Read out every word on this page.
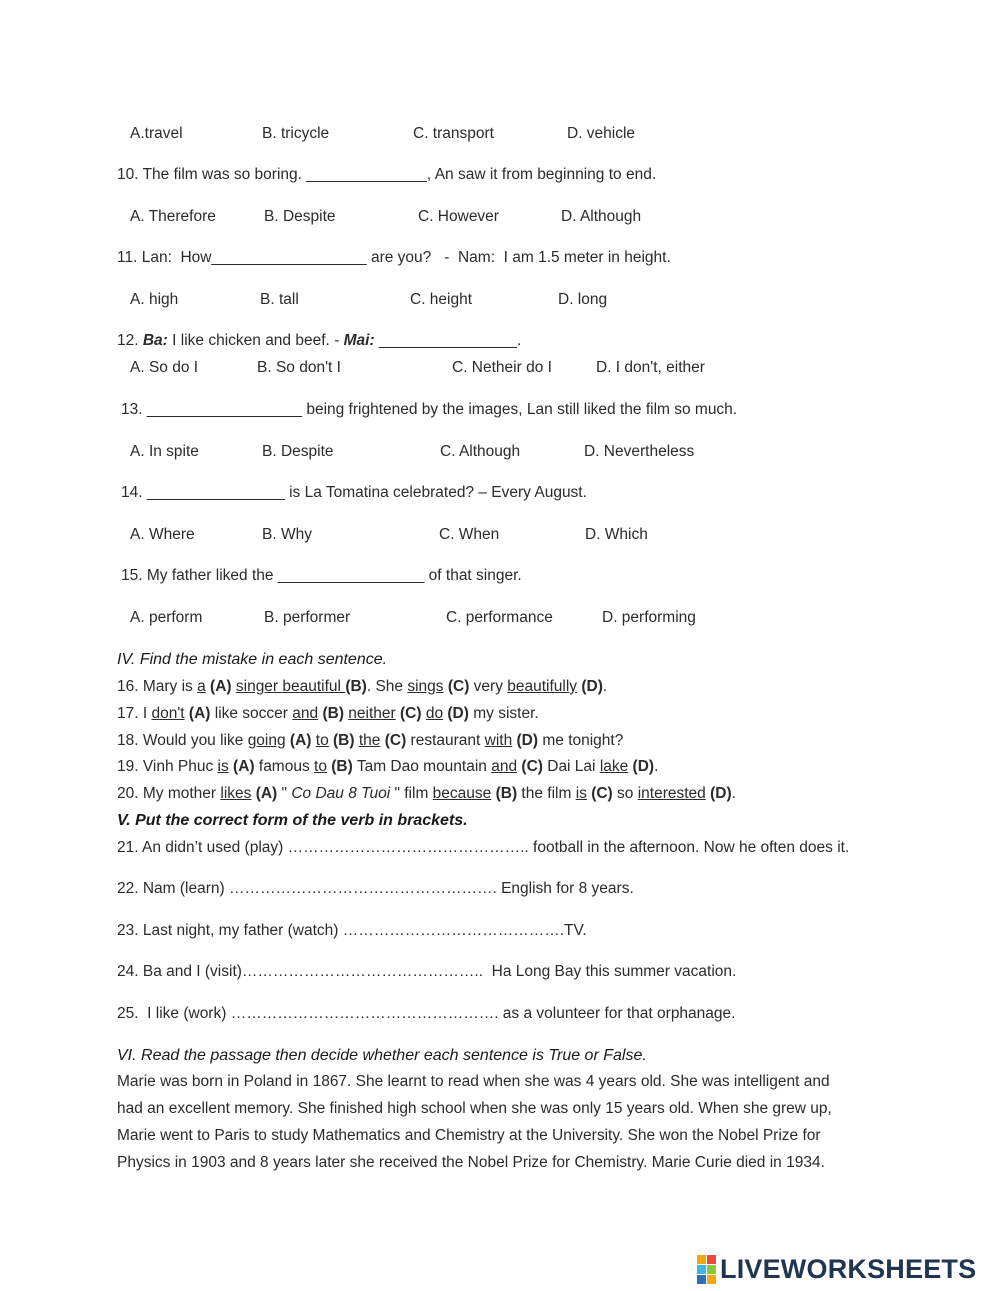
A.travel	B. tricycle	C. transport	D. vehicle
10. The film was so boring. ______________, An saw it from beginning to end.
A. Therefore	B. Despite	C. However	D. Although
11. Lan:  How__________________ are you?   -  Nam:  I am 1.5 meter in height.
A. high	B. tall	C. height	D. long
12. Ba: I like chicken and beef. - Mai: ________________.
A. So do I	B. So don't I	C. Netheir do I	D. I don't, either
13. __________________ being frightened by the images, Lan still liked the film so much.
A. In spite	B. Despite	C. Although	D. Nevertheless
14. ________________ is La Tomatina celebrated? – Every August.
A. Where	B. Why	C. When	D. Which
15. My father liked the _________________ of that singer.
A. perform	B. performer	C. performance	D. performing
IV. Find the mistake in each sentence.
16. Mary is a (A) singer beautiful (B). She sings (C) very beautifully (D).
17. I don't (A) like soccer and (B) neither (C) do (D) my sister.
18. Would you like going (A) to (B) the (C) restaurant with (D) me tonight?
19. Vinh Phuc is (A) famous to (B) Tam Dao mountain and (C) Dai Lai lake (D).
20. My mother likes (A) " Co Dau 8 Tuoi " film because (B) the film is (C) so interested (D).
V. Put the correct form of the verb in brackets.
21. An didn’t used (play) ……………………………………….. football in the afternoon. Now he often does it.
22. Nam (learn) ……………………………………………. English for 8 years.
23. Last night, my father (watch) …………………………………….TV.
24. Ba and I (visit)………………………………………..  Ha Long Bay this summer vacation.
25.  I like (work) ……………………………………………. as a volunteer for that orphanage.
VI. Read the passage then decide whether each sentence is True or False.
Marie was born in Poland in 1867. She learnt to read when she was 4 years old. She was intelligent and
had an excellent memory. She finished high school when she was only 15 years old. When she grew up,
Marie went to Paris to study Mathematics and Chemistry at the University. She won the Nobel Prize for
Physics in 1903 and 8 years later she received the Nobel Prize for Chemistry. Marie Curie died in 1934.
LIVEWORKSHEETS
